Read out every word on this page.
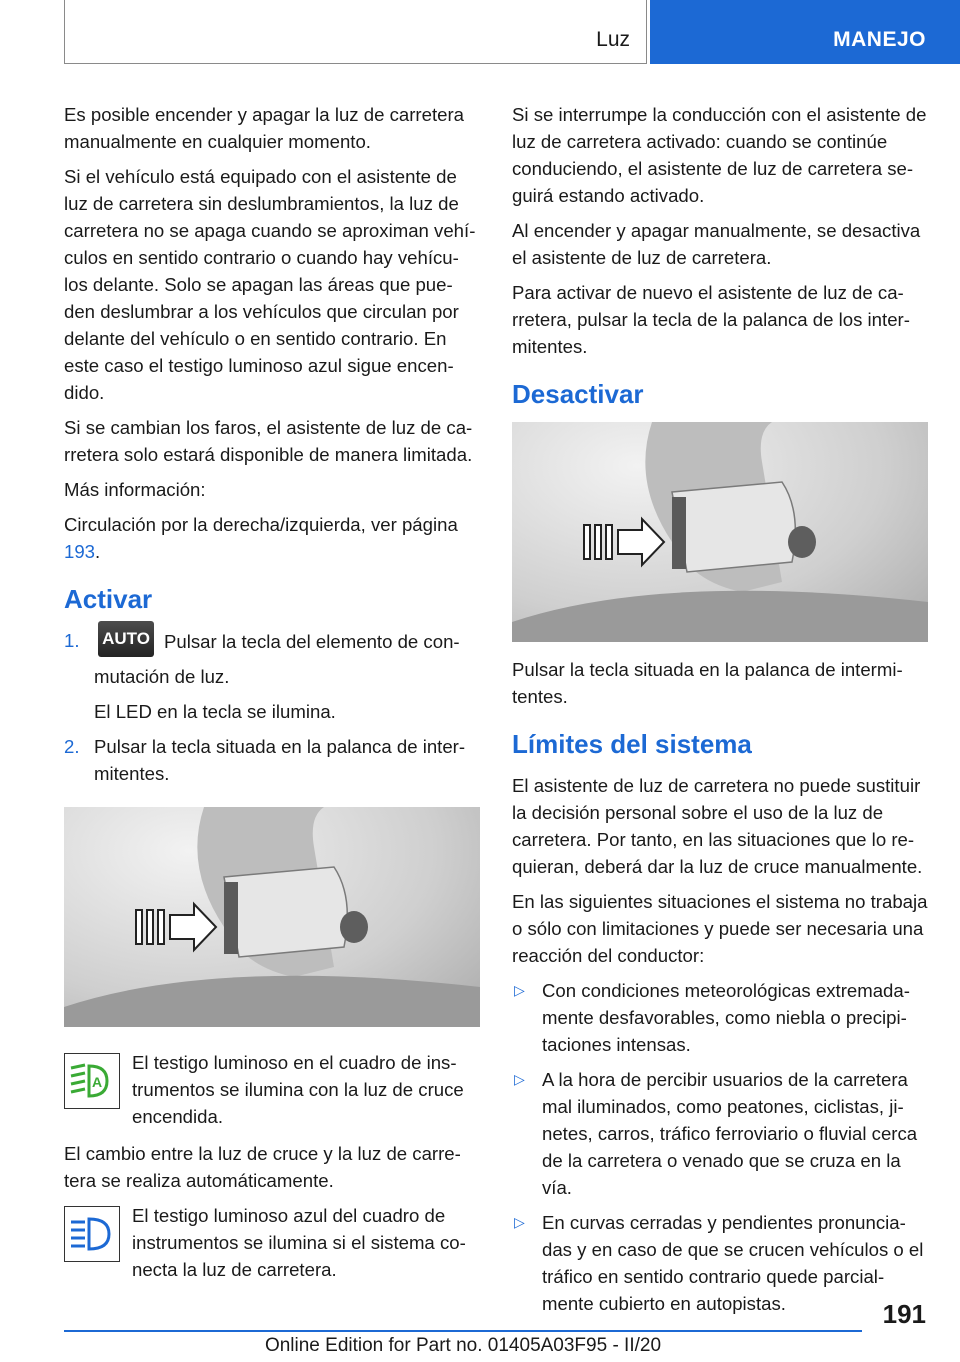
Luz	MANEJO

Es posible encender y apagar la luz de carretera manualmente en cualquier momento.

Si el vehículo está equipado con el asistente de luz de carretera sin deslumbramientos, la luz de carretera no se apaga cuando se aproximan vehículos en sentido contrario o cuando hay vehículos delante. Solo se apagan las áreas que pueden deslumbrar a los vehículos que circulan por delante del vehículo o en sentido contrario. En este caso el testigo luminoso azul sigue encendido.

Si se cambian los faros, el asistente de luz de carretera solo estará disponible de manera limitada.

Más información:

Circulación por la derecha/izquierda, ver página 193.

Activar
1. AUTO Pulsar la tecla del elemento de conmutación de luz.
El LED en la tecla se ilumina.
2. Pulsar la tecla situada en la palanca de intermitentes.
A

El testigo luminoso en el cuadro de instrumentos se ilumina con la luz de cruce encendida.

El cambio entre la luz de cruce y la luz de carretera se realiza automáticamente.

El testigo luminoso azul del cuadro de instrumentos se ilumina si el sistema conecta la luz de carretera.

Si se interrumpe la conducción con el asistente de luz de carretera activado: cuando se continúe conduciendo, el asistente de luz de carretera seguirá estando activado.

Al encender y apagar manualmente, se desactiva el asistente de luz de carretera.

Para activar de nuevo el asistente de luz de carretera, pulsar la tecla de la palanca de los intermitentes.

Desactivar

Pulsar la tecla situada en la palanca de intermitentes.

Límites del sistema

El asistente de luz de carretera no puede sustituir la decisión personal sobre el uso de la luz de carretera. Por tanto, en las situaciones que lo requieran, deberá dar la luz de cruce manualmente.

En las siguientes situaciones el sistema no trabaja o sólo con limitaciones y puede ser necesaria una reacción del conductor:

▷ Con condiciones meteorológicas extremadamente desfavorables, como niebla o precipitaciones intensas.
▷ A la hora de percibir usuarios de la carretera mal iluminados, como peatones, ciclistas, jinetes, carros, tráfico ferroviario o fluvial cerca de la carretera o venado que se cruza en la vía.
▷ En curvas cerradas y pendientes pronunciadas y en caso de que se crucen vehículos o el tráfico en sentido contrario quede parcialmente cubierto en autopistas.	191
Online Edition for Part no. 01405A03F95 - II/20
